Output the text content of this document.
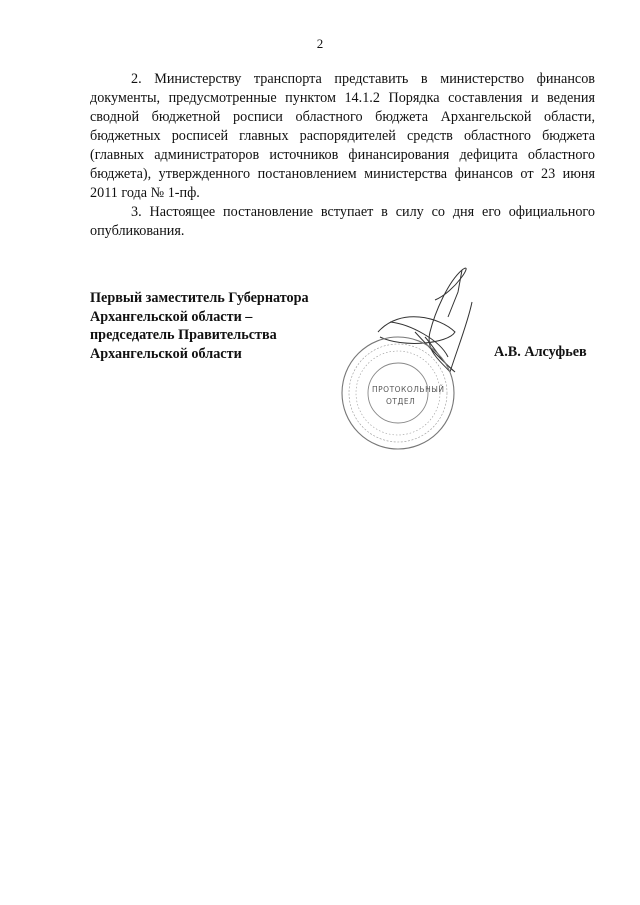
2

2. Министерству транспорта представить в министерство финансов документы, предусмотренные пунктом 14.1.2 Порядка составления и ведения сводной бюджетной росписи областного бюджета Архангельской области, бюджетных росписей главных распорядителей средств областного бюджета (главных администраторов источников финансирования дефицита областного бюджета), утвержденного постановлением министерства финансов от 23 июня 2011 года № 1-пф.

3. Настоящее постановление вступает в силу со дня его официального опубликования.

Первый заместитель Губернатора
Архангельской области –
председатель Правительства
Архангельской области	А.В. Алсуфьев
ПРОТОКОЛЬНЫЙ
ОТДЕЛ
